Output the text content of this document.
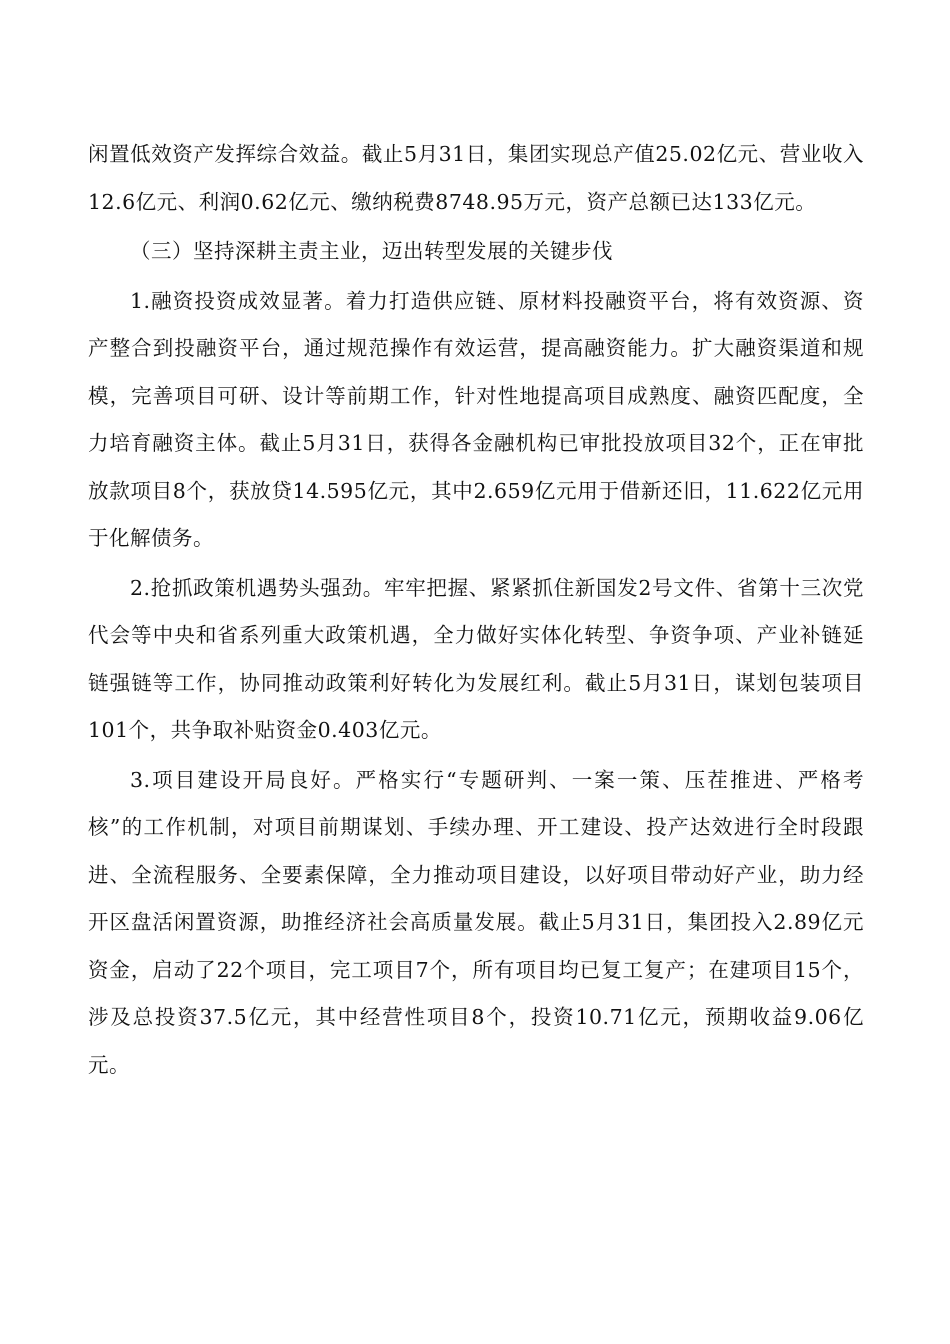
闲置低效资产发挥综合效益。截止5月31日，集团实现总产值25.02亿元、营业收入12.6亿元、利润0.62亿元、缴纳税费8748.95万元，资产总额已达133亿元。

（三）坚持深耕主责主业，迈出转型发展的关键步伐

1.融资投资成效显著。着力打造供应链、原材料投融资平台，将有效资源、资产整合到投融资平台，通过规范操作有效运营，提高融资能力。扩大融资渠道和规模，完善项目可研、设计等前期工作，针对性地提高项目成熟度、融资匹配度，全力培育融资主体。截止5月31日，获得各金融机构已审批投放项目32个，正在审批放款项目8个，获放贷14.595亿元，其中2.659亿元用于借新还旧，11.622亿元用于化解债务。

2.抢抓政策机遇势头强劲。牢牢把握、紧紧抓住新国发2号文件、省第十三次党代会等中央和省系列重大政策机遇，全力做好实体化转型、争资争项、产业补链延链强链等工作，协同推动政策利好转化为发展红利。截止5月31日，谋划包装项目101个，共争取补贴资金0.403亿元。

3.项目建设开局良好。严格实行“专题研判、一案一策、压茬推进、严格考核”的工作机制，对项目前期谋划、手续办理、开工建设、投产达效进行全时段跟进、全流程服务、全要素保障，全力推动项目建设，以好项目带动好产业，助力经开区盘活闲置资源，助推经济社会高质量发展。截止5月31日，集团投入2.89亿元资金，启动了22个项目，完工项目7个，所有项目均已复工复产；在建项目15个，涉及总投资37.5亿元，其中经营性项目8个，投资10.71亿元，预期收益9.06亿元。
